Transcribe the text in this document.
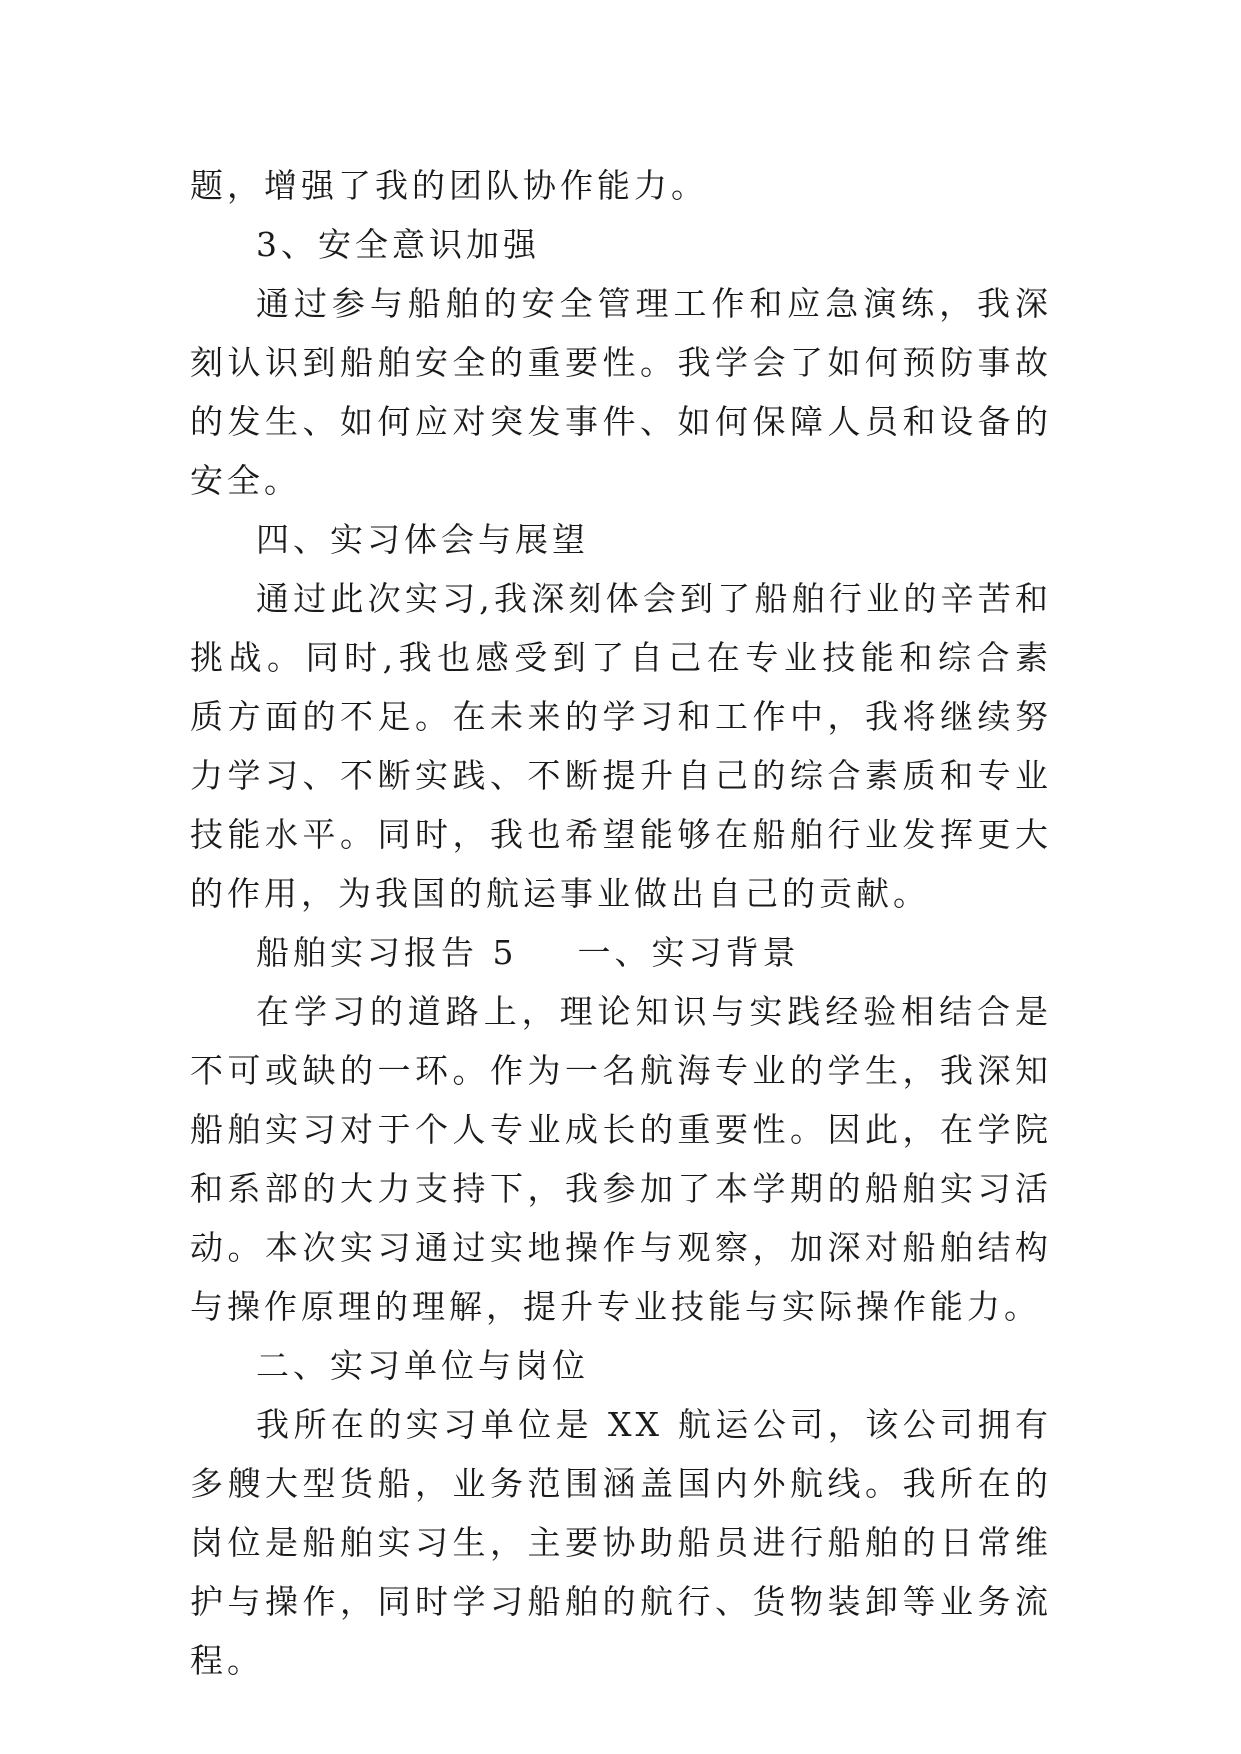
题，增强了我的团队协作能力。

3、安全意识加强

通过参与船舶的安全管理工作和应急演练，我深刻认识到船舶安全的重要性。我学会了如何预防事故的发生、如何应对突发事件、如何保障人员和设备的安全。

四、实习体会与展望

通过此次实习,我深刻体会到了船舶行业的辛苦和挑战。同时,我也感受到了自己在专业技能和综合素质方面的不足。在未来的学习和工作中，我将继续努力学习、不断实践、不断提升自己的综合素质和专业技能水平。同时，我也希望能够在船舶行业发挥更大的作用，为我国的航运事业做出自己的贡献。

船舶实习报告 5 一、实习背景

在学习的道路上，理论知识与实践经验相结合是不可或缺的一环。作为一名航海专业的学生，我深知船舶实习对于个人专业成长的重要性。因此，在学院和系部的大力支持下，我参加了本学期的船舶实习活动。本次实习通过实地操作与观察，加深对船舶结构与操作原理的理解，提升专业技能与实际操作能力。

二、实习单位与岗位

我所在的实习单位是 XX 航运公司，该公司拥有多艘大型货船，业务范围涵盖国内外航线。我所在的岗位是船舶实习生，主要协助船员进行船舶的日常维护与操作，同时学习船舶的航行、货物装卸等业务流程。
